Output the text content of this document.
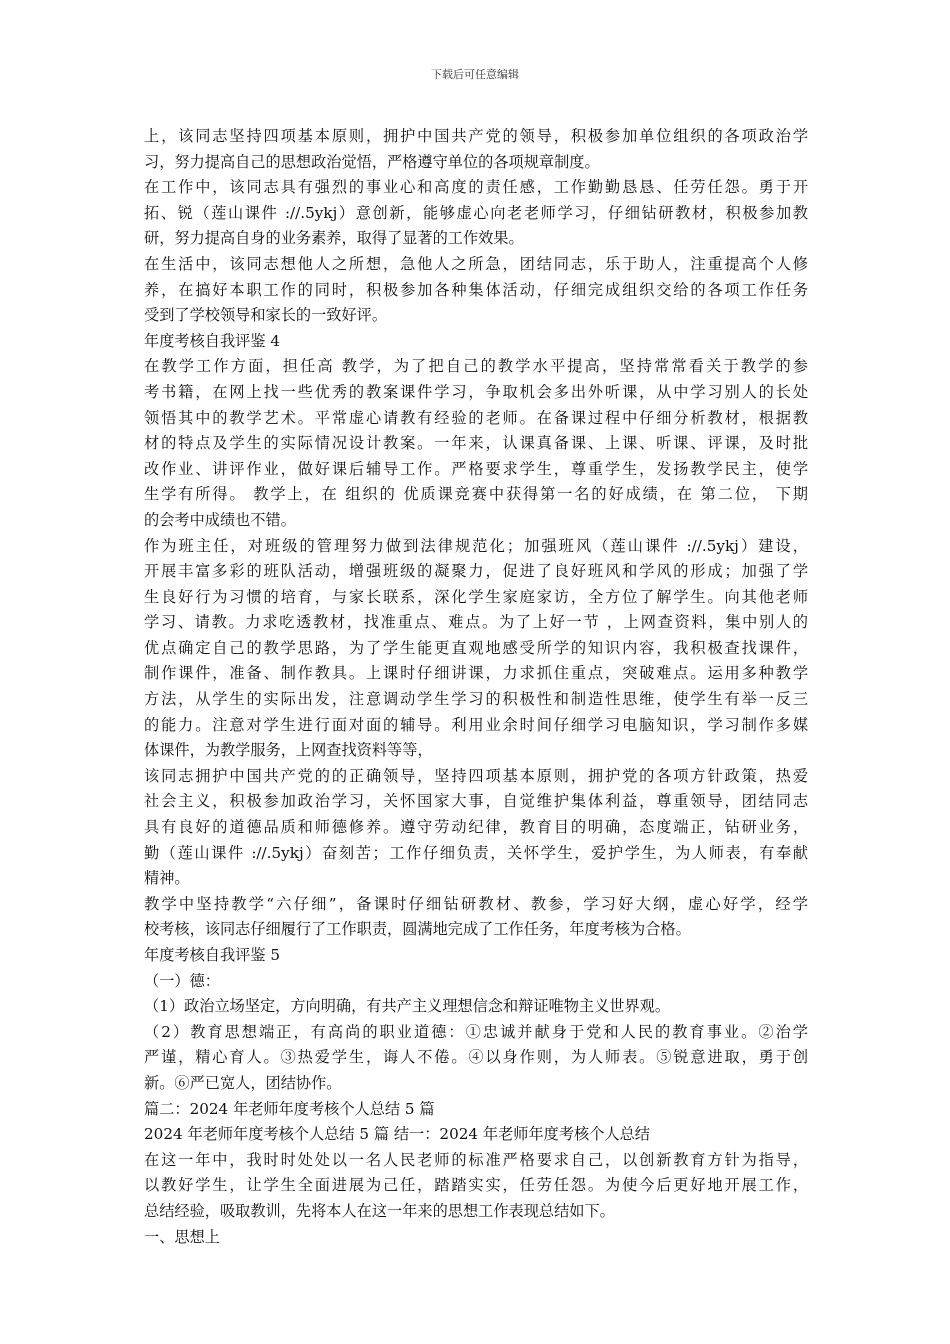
下载后可任意编辑
上，该同志坚持四项基本原则，拥护中国共产党的领导，积极参加单位组织的各项政治学
习，努力提高自己的思想政治觉悟，严格遵守单位的各项规章制度。
在工作中，该同志具有强烈的事业心和高度的责任感，工作勤勤恳恳、任劳任怨。勇于开
拓、锐（莲山课件 ://.5ykj）意创新，能够虚心向老老师学习，仔细钻研教材，积极参加教
研，努力提高自身的业务素养，取得了显著的工作效果。
在生活中，该同志想他人之所想，急他人之所急，团结同志，乐于助人，注重提高个人修
养，在搞好本职工作的同时，积极参加各种集体活动，仔细完成组织交给的各项工作任务
受到了学校领导和家长的一致好评。
年度考核自我评鉴 4
在教学工作方面，担任高 教学，为了把自己的教学水平提高，坚持常常看关于教学的参
考书籍，在网上找一些优秀的教案课件学习，争取机会多出外听课，从中学习别人的长处
领悟其中的教学艺术。平常虚心请教有经验的老师。在备课过程中仔细分析教材，根据教
材的特点及学生的实际情况设计教案。一年来，认课真备课、上课、听课、评课，及时批
改作业、讲评作业，做好课后辅导工作。严格要求学生，尊重学生，发扬教学民主，使学
生学有所得。 教学上，在 组织的 优质课竞赛中获得第一名的好成绩，在 第二位， 下期
的会考中成绩也不错。
作为班主任，对班级的管理努力做到法律规范化；加强班风（莲山课件 ://.5ykj）建设，
开展丰富多彩的班队活动，增强班级的凝聚力，促进了良好班风和学风的形成；加强了学
生良好行为习惯的培育，与家长联系，深化学生家庭家访，全方位了解学生。向其他老师
学习、请教。力求吃透教材，找准重点、难点。为了上好一节 ，上网查资料，集中别人的
优点确定自己的教学思路，为了学生能更直观地感受所学的知识内容，我积极查找课件，
制作课件，准备、制作教具。上课时仔细讲课，力求抓住重点，突破难点。运用多种教学
方法，从学生的实际出发，注意调动学生学习的积极性和制造性思维，使学生有举一反三
的能力。注意对学生进行面对面的辅导。利用业余时间仔细学习电脑知识，学习制作多媒
体课件，为教学服务，上网查找资料等等，
该同志拥护中国共产党的的正确领导，坚持四项基本原则，拥护党的各项方针政策，热爱
社会主义，积极参加政治学习，关怀国家大事，自觉维护集体利益，尊重领导，团结同志
具有良好的道德品质和师德修养。遵守劳动纪律，教育目的明确，态度端正，钻研业务，
勤（莲山课件 ://.5ykj）奋刻苦；工作仔细负责，关怀学生，爱护学生，为人师表，有奉献
精神。
教学中坚持教学“六仔细”，备课时仔细钻研教材、教参，学习好大纲，虚心好学，经学
校考核，该同志仔细履行了工作职责，圆满地完成了工作任务，年度考核为合格。
年度考核自我评鉴 5
（一）德：
（1）政治立场坚定，方向明确，有共产主义理想信念和辩证唯物主义世界观。
（2）教育思想端正，有高尚的职业道德：①忠诚并献身于党和人民的教育事业。②治学
严谨，精心育人。③热爱学生，诲人不倦。④以身作则，为人师表。⑤锐意进取，勇于创
新。⑥严已宽人，团结协作。
篇二：2024 年老师年度考核个人总结 5 篇
2024 年老师年度考核个人总结 5 篇 结一：2024 年老师年度考核个人总结
在这一年中，我时时处处以一名人民老师的标准严格要求自己，以创新教育方针为指导，
以教好学生，让学生全面进展为己任，踏踏实实，任劳任怨。为使今后更好地开展工作，
总结经验，吸取教训，先将本人在这一年来的思想工作表现总结如下。
一、思想上
